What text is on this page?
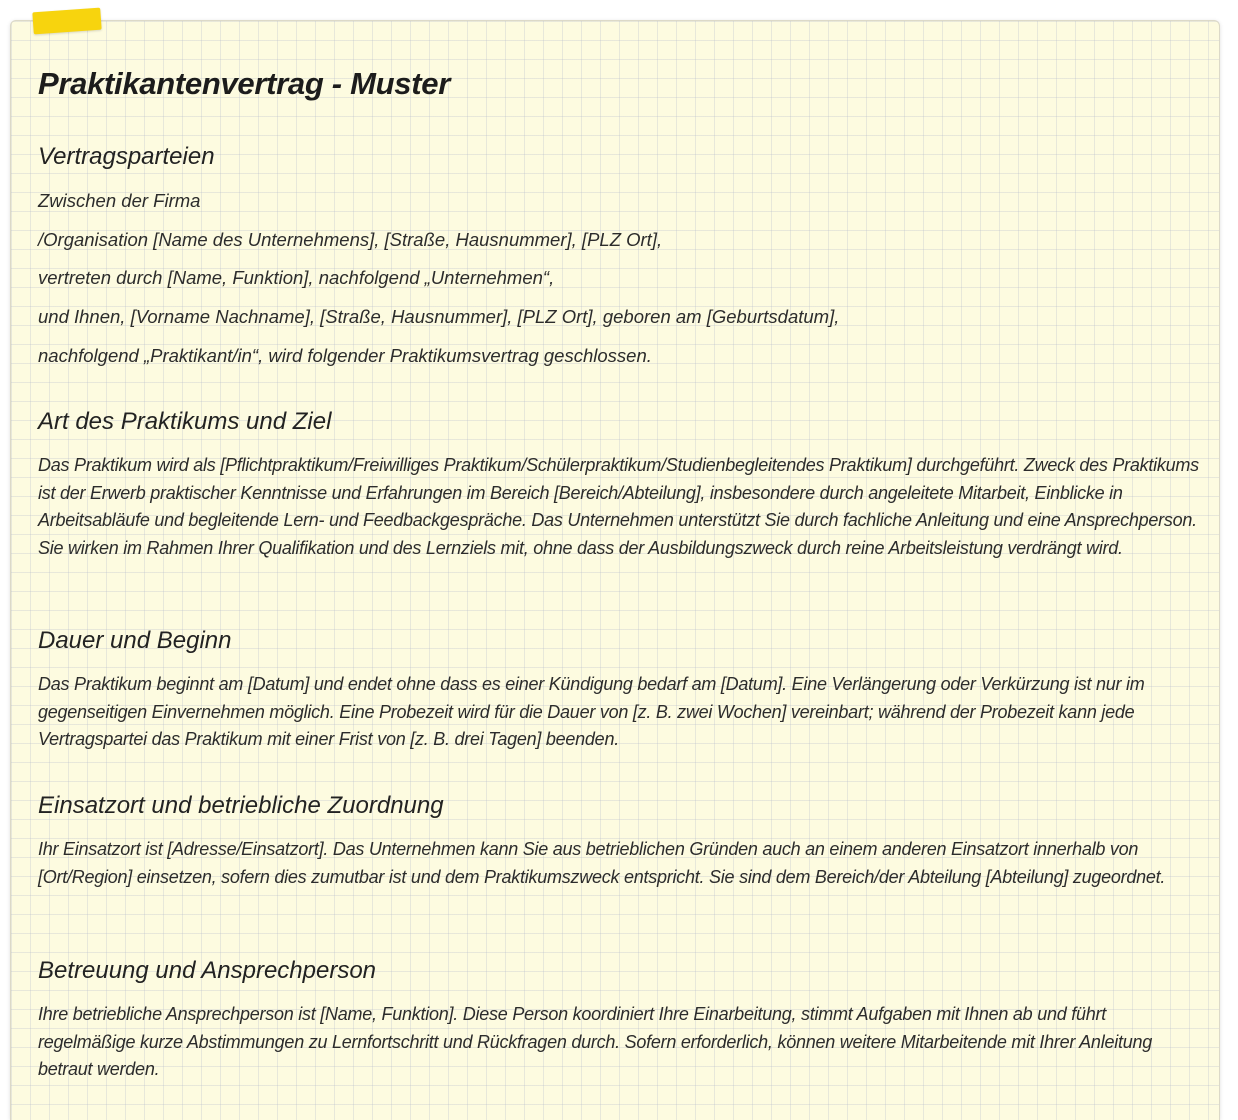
Praktikantenvertrag - Muster
Vertragsparteien

Zwischen der Firma

/Organisation [Name des Unternehmens], [Straße, Hausnummer], [PLZ Ort],

vertreten durch [Name, Funktion], nachfolgend „Unternehmen“,

und Ihnen, [Vorname Nachname], [Straße, Hausnummer], [PLZ Ort], geboren am [Geburtsdatum],

nachfolgend „Praktikant/in“, wird folgender Praktikumsvertrag geschlossen.

Art des Praktikums und Ziel

Das Praktikum wird als [Pflichtpraktikum/Freiwilliges Praktikum/Schülerpraktikum/Studienbegleitendes Praktikum] durchgeführt. Zweck des Praktikums ist der Erwerb praktischer Kenntnisse und Erfahrungen im Bereich [Bereich/Abteilung], insbesondere durch angeleitete Mitarbeit, Einblicke in Arbeitsabläufe und begleitende Lern- und Feedbackgespräche. Das Unternehmen unterstützt Sie durch fachliche Anleitung und eine Ansprechperson. Sie wirken im Rahmen Ihrer Qualifikation und des Lernziels mit, ohne dass der Ausbildungszweck durch reine Arbeitsleistung verdrängt wird.

Dauer und Beginn

Das Praktikum beginnt am [Datum] und endet ohne dass es einer Kündigung bedarf am [Datum]. Eine Verlängerung oder Verkürzung ist nur im gegenseitigen Einvernehmen möglich. Eine Probezeit wird für die Dauer von [z. B. zwei Wochen] vereinbart; während der Probezeit kann jede Vertragspartei das Praktikum mit einer Frist von [z. B. drei Tagen] beenden.

Einsatzort und betriebliche Zuordnung

Ihr Einsatzort ist [Adresse/Einsatzort]. Das Unternehmen kann Sie aus betrieblichen Gründen auch an einem anderen Einsatzort innerhalb von [Ort/Region] einsetzen, sofern dies zumutbar ist und dem Praktikumszweck entspricht. Sie sind dem Bereich/der Abteilung [Abteilung] zugeordnet.

Betreuung und Ansprechperson

Ihre betriebliche Ansprechperson ist [Name, Funktion]. Diese Person koordiniert Ihre Einarbeitung, stimmt Aufgaben mit Ihnen ab und führt regelmäßige kurze Abstimmungen zu Lernfortschritt und Rückfragen durch. Sofern erforderlich, können weitere Mitarbeitende mit Ihrer Anleitung betraut werden.
